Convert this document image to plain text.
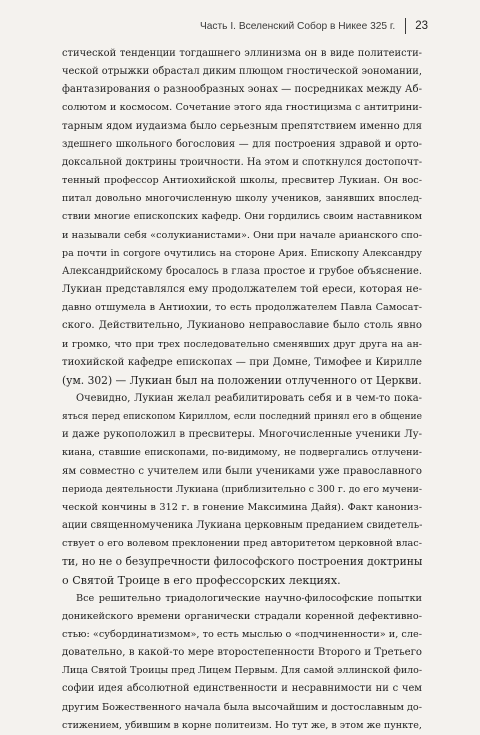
Часть I. Вселенский Собор в Никее 325 г. 23
стической тенденции тогдашнего эллинизма он в виде политеисти-
ческой отрыжки обрастал диким плющом гностической эономании,
фантазирования о разнообразных эонах — посредниках между Аб-
солютом и космосом. Сочетание этого яда гностицизма с антитрини-
тарным ядом иудаизма было серьезным препятствием именно для
здешнего школьного богословия — для построения здравой и орто-
доксальной доктрины троичности. На этом и споткнулся достопочт-
тенный профессор Антиохийской школы, пресвитер Лукиан. Он вос-
питал довольно многочисленную школу учеников, занявших впослед-
ствии многие епископских кафедр. Они гордились своим наставником
и называли себя «солукианистами». Они при начале арианского спо-
ра почти in corgore очутились на стороне Ария. Епископу Александру
Александрийскому бросалось в глаза простое и грубое объяснение.
Лукиан представлялся ему продолжателем той ереси, которая не-
давно отшумела в Антиохии, то есть продолжателем Павла Самосат-
ского. Действительно, Лукианово неправославие было столь явно
и громко, что при трех последовательно сменявших друг друга на ан-
тиохийской кафедре епископах — при Домне, Тимофее и Кирилле
(ум. 302) — Лукиан был на положении отлученного от Церкви.
Очевидно, Лукиан желал реабилитировать себя и в чем-то пока-
яться перед епископом Кириллом, если последний принял его в общение
и даже рукоположил в пресвитеры. Многочисленные ученики Лу-
киана, ставшие епископами, по-видимому, не подвергались отлучени-
ям совместно с учителем или были учениками уже православного
периода деятельности Лукиана (приблизительно с 300 г. до его мучени-
ческой кончины в 312 г. в гонение Максимина Дайя). Факт канониз-
ации священномученика Лукиана церковным преданием свидетель-
ствует о его волевом преклонении пред авторитетом церковной влас-
ти, но не о безупречности философского построения доктрины
о Святой Троице в его профессорских лекциях.
Все решительно триадологические научно-философские попытки
доникейского времени органически страдали коренной дефективно-
стью: «субординатизмом», то есть мыслью о «подчиненности» и, сле-
довательно, в какой-то мере второстепенности Второго и Третьего
Лица Святой Троицы пред Лицем Первым. Для самой эллинской фило-
софии идея абсолютной единственности и несравнимости ни с чем
другим Божественного начала была высочайшим и достославным до-
стижением, убившим в корне политеизм. Но тут же, в этом же пункте,
